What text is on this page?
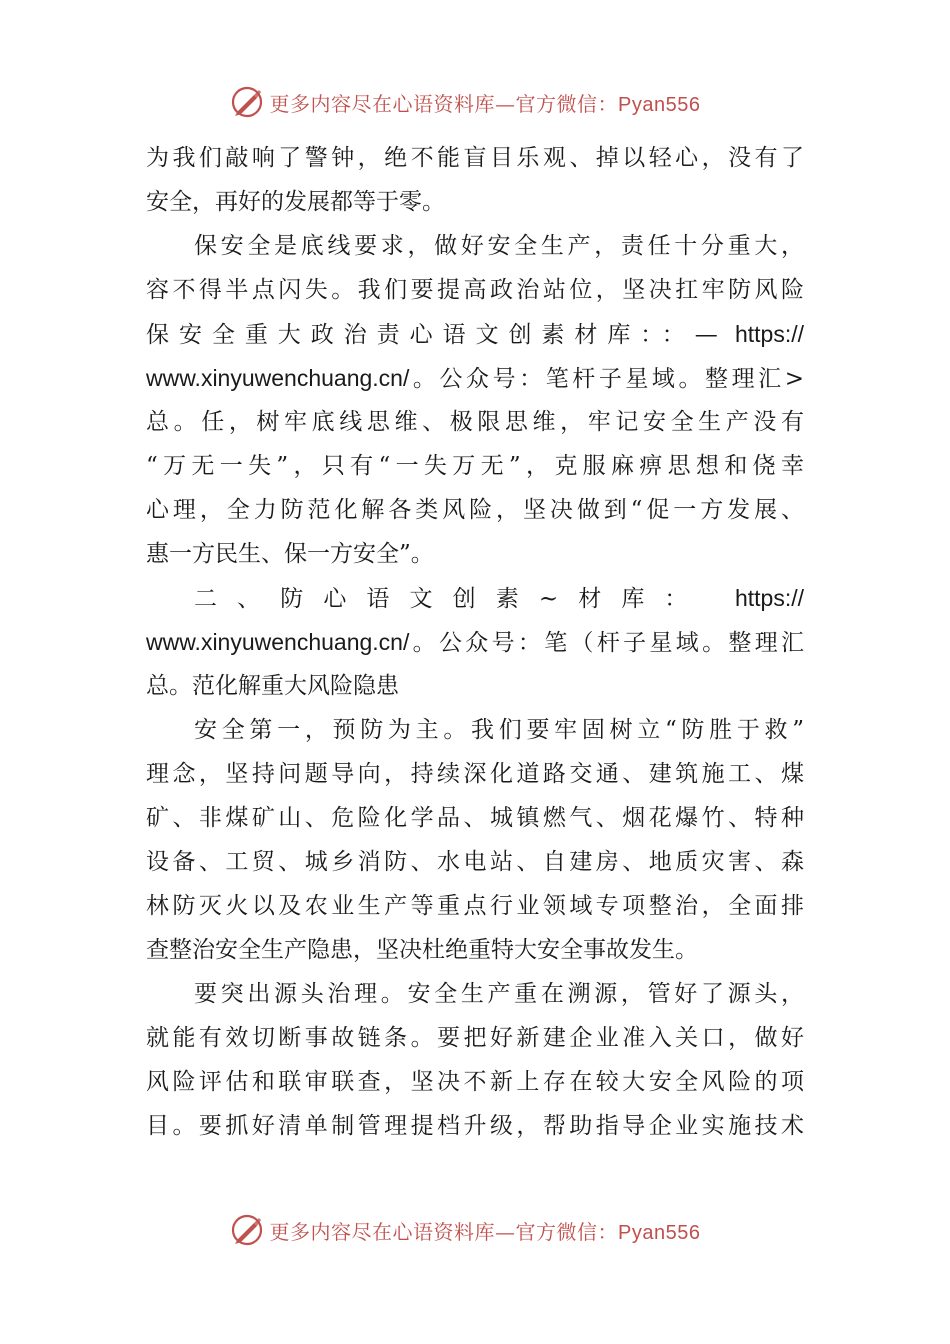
更多内容尽在心语资料库—官方微信：Pyan556
为我们敲响了警钟，绝不能盲目乐观、掉以轻心，没有了
安全，再好的发展都等于零。
保安全是底线要求，做好安全生产，责任十分重大，
容不得半点闪失。我们要提高政治站位，坚决扛牢防风险
保安全重大政治责心语文创素材库：：— https://
www.xinyuwenchuang.cn/。公众号：笔杆子星域。整理汇>
总。任，树牢底线思维、极限思维，牢记安全生产没有
“万无一失”，只有“一失万无”，克服麻痹思想和侥幸
心理，全力防范化解各类风险，坚决做到“促一方发展、
惠一方民生、保一方安全”。
二、防心语文创素~材库： https://
www.xinyuwenchuang.cn/。公众号：笔（杆子星域。整理汇
总。范化解重大风险隐患
安全第一，预防为主。我们要牢固树立“防胜于救”
理念，坚持问题导向，持续深化道路交通、建筑施工、煤
矿、非煤矿山、危险化学品、城镇燃气、烟花爆竹、特种
设备、工贸、城乡消防、水电站、自建房、地质灾害、森
林防灭火以及农业生产等重点行业领域专项整治，全面排
查整治安全生产隐患，坚决杜绝重特大安全事故发生。
要突出源头治理。安全生产重在溯源，管好了源头，
就能有效切断事故链条。要把好新建企业准入关口，做好
风险评估和联审联查，坚决不新上存在较大安全风险的项
目。要抓好清单制管理提档升级，帮助指导企业实施技术
更多内容尽在心语资料库—官方微信：Pyan556
